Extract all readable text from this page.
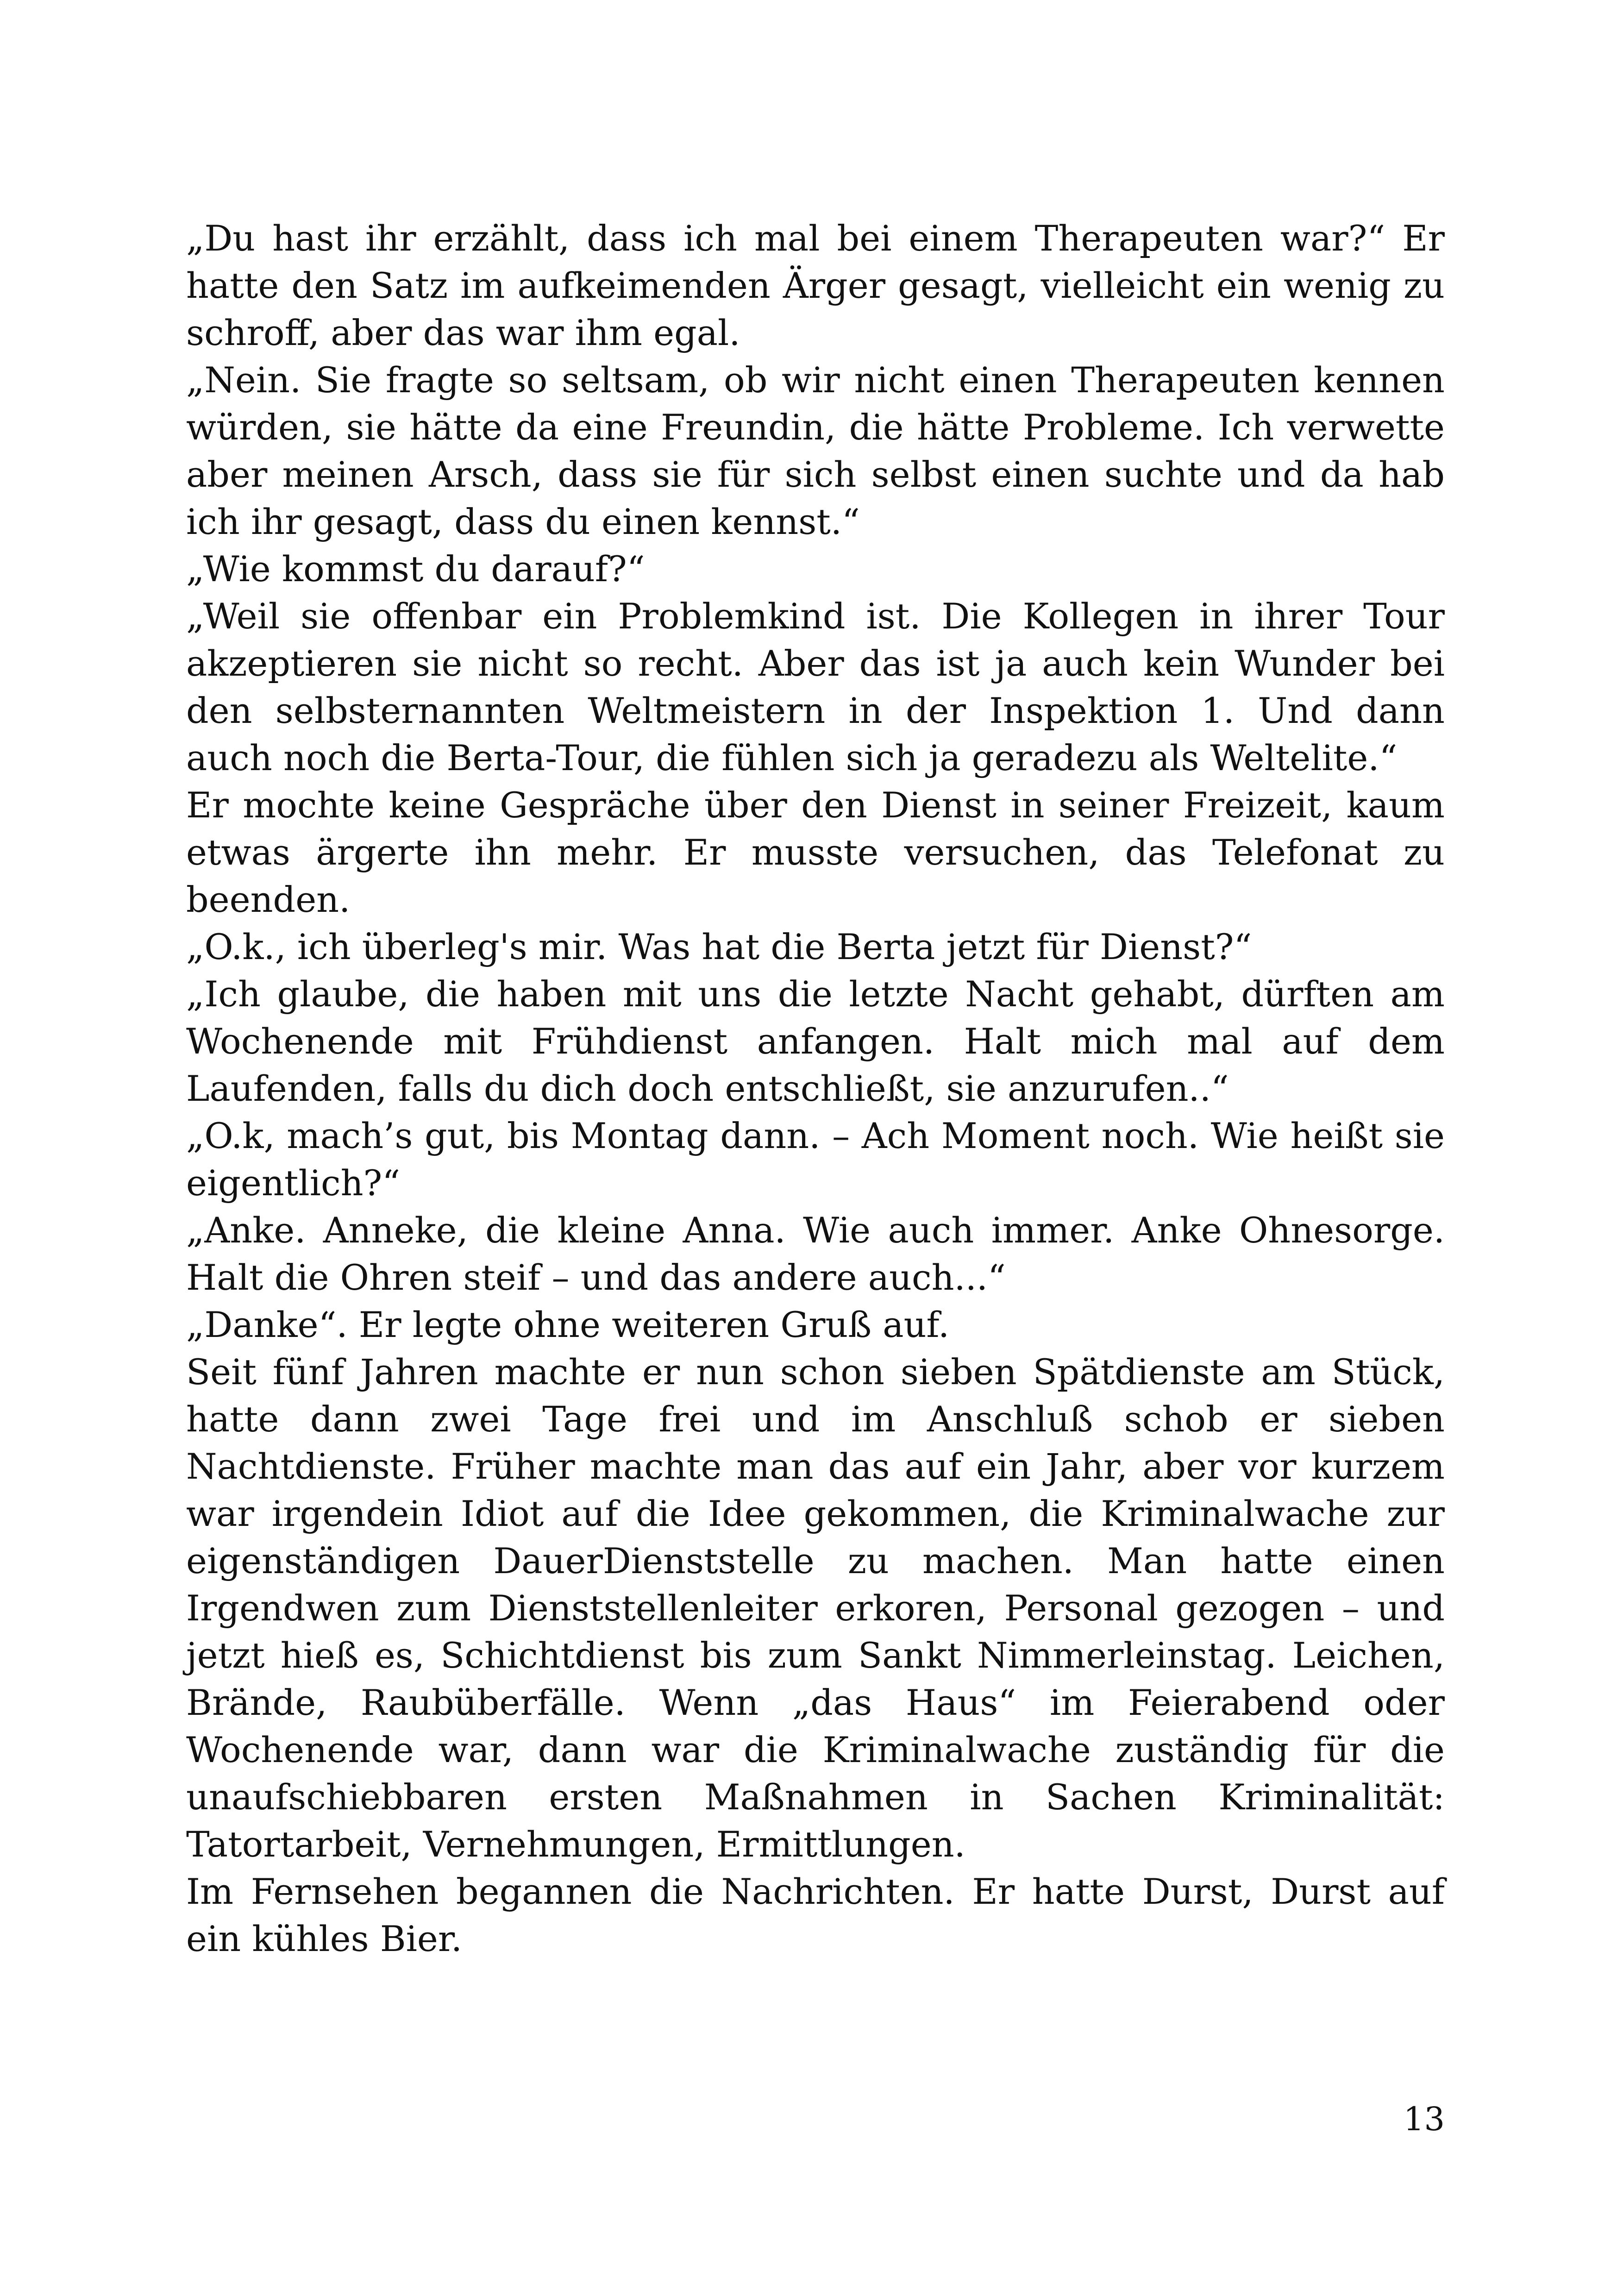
„Du hast ihr erzählt, dass ich mal bei einem Therapeuten war?“ Er hatte den Satz im aufkeimenden Ärger gesagt, vielleicht ein wenig zu schroff, aber das war ihm egal.

„Nein. Sie fragte so seltsam, ob wir nicht einen Therapeuten kennen würden, sie hätte da eine Freundin, die hätte Probleme. Ich verwette aber meinen Arsch, dass sie für sich selbst einen suchte und da hab ich ihr gesagt, dass du einen kennst.“

„Wie kommst du darauf?“

„Weil sie offenbar ein Problemkind ist. Die Kollegen in ihrer Tour akzeptieren sie nicht so recht. Aber das ist ja auch kein Wunder bei den selbsternannten Weltmeistern in der Inspektion 1. Und dann auch noch die Berta-Tour, die fühlen sich ja geradezu als Weltelite.“

Er mochte keine Gespräche über den Dienst in seiner Freizeit, kaum etwas ärgerte ihn mehr. Er musste versuchen, das Telefonat zu beenden.

„O.k., ich überleg's mir. Was hat die Berta jetzt für Dienst?“

„Ich glaube, die haben mit uns die letzte Nacht gehabt, dürften am Wochenende mit Frühdienst anfangen. Halt mich mal auf dem Laufenden, falls du dich doch entschließt, sie anzurufen..“

„O.k, mach’s gut, bis Montag dann. – Ach Moment noch. Wie heißt sie eigentlich?“

„Anke. Anneke, die kleine Anna. Wie auch immer. Anke Ohnesorge. Halt die Ohren steif – und das andere auch...“

„Danke“. Er legte ohne weiteren Gruß auf.

Seit fünf Jahren machte er nun schon sieben Spätdienste am Stück, hatte dann zwei Tage frei und im Anschluß schob er sieben Nachtdienste. Früher machte man das auf ein Jahr, aber vor kurzem war irgendein Idiot auf die Idee gekommen, die Kriminalwache zur eigenständigen DauerDienststelle zu machen. Man hatte einen Irgendwen zum Dienststellenleiter erkoren, Personal gezogen – und jetzt hieß es, Schichtdienst bis zum Sankt Nimmerleinstag. Leichen, Brände, Raubüberfälle. Wenn „das Haus“ im Feierabend oder Wochenende war, dann war die Kriminalwache zuständig für die unaufschiebbaren ersten Maßnahmen in Sachen Kriminalität: Tatortarbeit, Vernehmungen, Ermittlungen.

Im Fernsehen begannen die Nachrichten. Er hatte Durst, Durst auf ein kühles Bier.

13
